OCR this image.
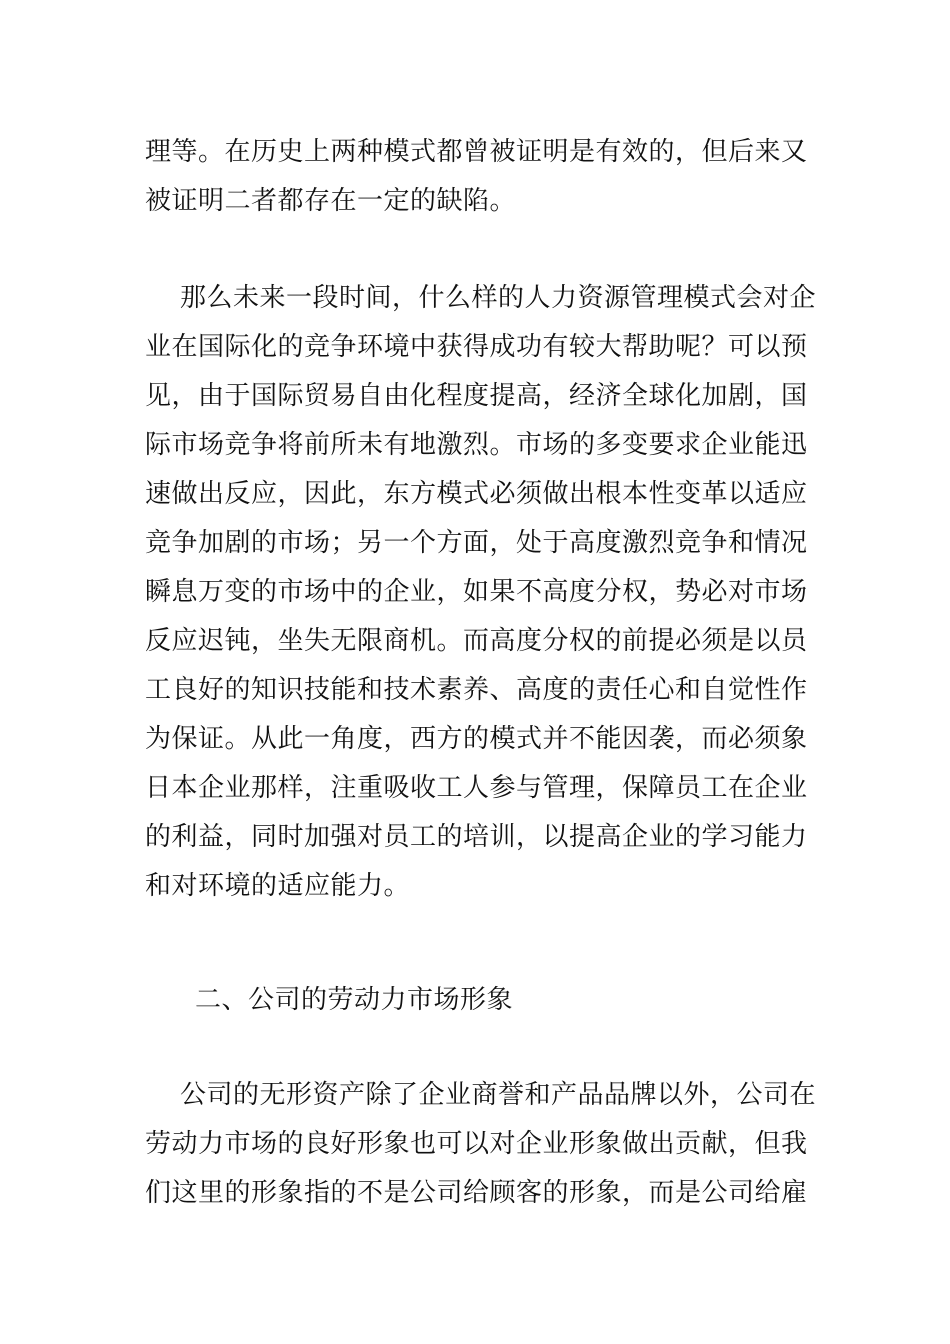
理等。在历史上两种模式都曾被证明是有效的，但后来又
被证明二者都存在一定的缺陷。
那么未来一段时间，什么样的人力资源管理模式会对企
业在国际化的竞争环境中获得成功有较大帮助呢？可以预
见，由于国际贸易自由化程度提高，经济全球化加剧，国
际市场竞争将前所未有地激烈。市场的多变要求企业能迅
速做出反应，因此，东方模式必须做出根本性变革以适应
竞争加剧的市场；另一个方面，处于高度激烈竞争和情况
瞬息万变的市场中的企业，如果不高度分权，势必对市场
反应迟钝，坐失无限商机。而高度分权的前提必须是以员
工良好的知识技能和技术素养、高度的责任心和自觉性作
为保证。从此一角度，西方的模式并不能因袭，而必须象
日本企业那样，注重吸收工人参与管理，保障员工在企业
的利益，同时加强对员工的培训，以提高企业的学习能力
和对环境的适应能力。
二、公司的劳动力市场形象
公司的无形资产除了企业商誉和产品品牌以外，公司在
劳动力市场的良好形象也可以对企业形象做出贡献，但我
们这里的形象指的不是公司给顾客的形象，而是公司给雇
